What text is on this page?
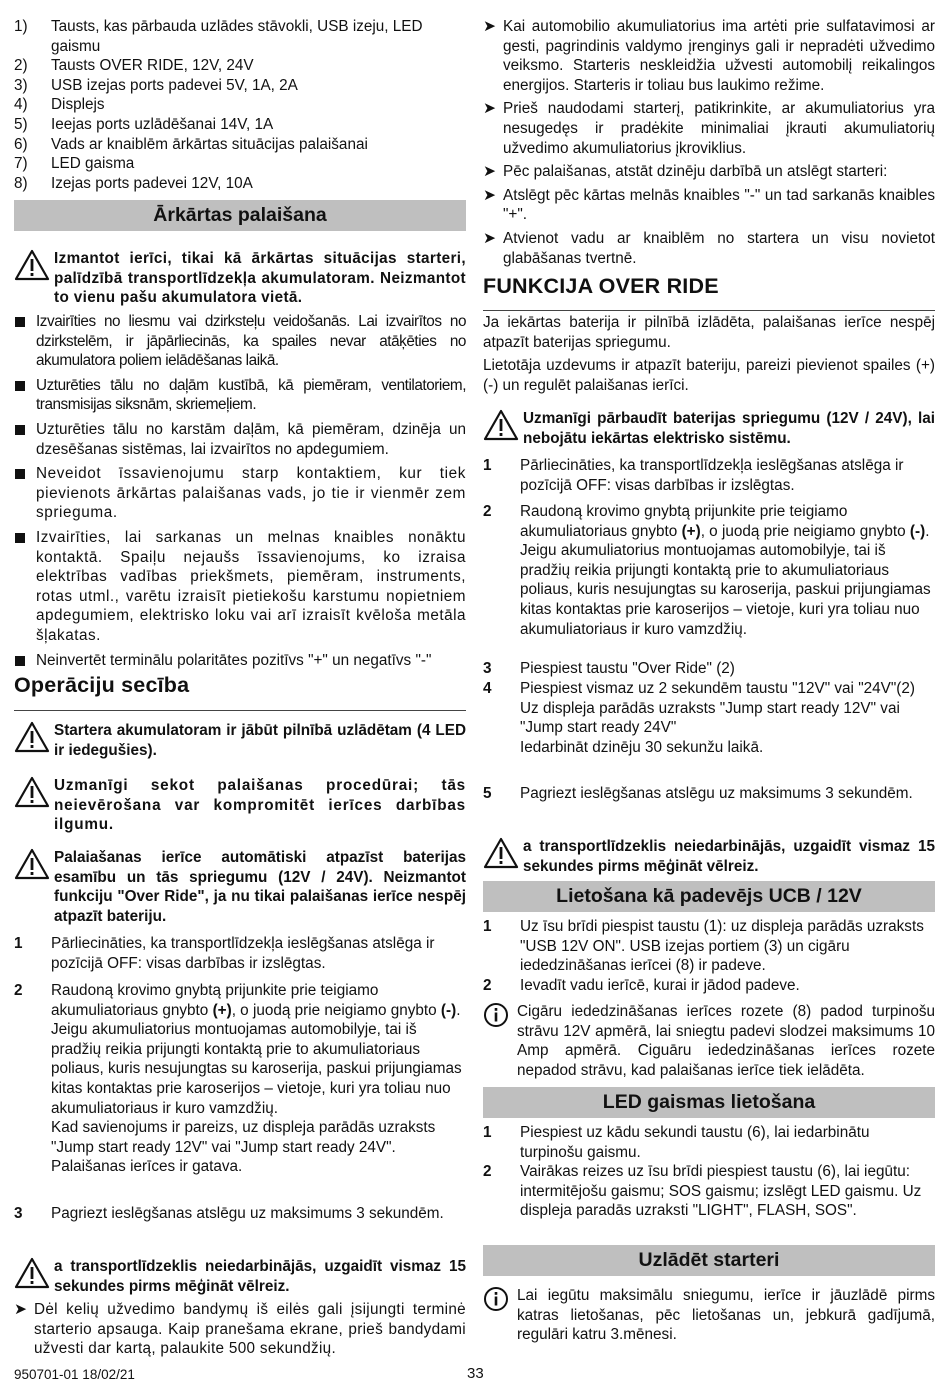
1)	Tausts, kas pārbauda uzlādes stāvokli, USB izeju, LED gaismu
2)	Tausts OVER RIDE, 12V, 24V
3)	USB izejas ports padevei 5V, 1A, 2A
4)	Displejs
5)	Ieejas ports uzlādēšanai 14V, 1A
6)	Vads ar knaiblēm ārkārtas situācijas palaišanai
7)	LED gaisma
8)	Izejas ports padevei 12V, 10A
Ārkārtas palaišana
Izmantot ierīci, tikai kā ārkārtas situācijas starteri, palīdzībā transportlīdzekļa akumulatoram. Neizmantot to vienu pašu akumulatora vietā.
Izvairīties no liesmu vai dzirksteļu veidošanās. Lai izvairītos no dzirkstelēm, ir jāpārliecinās, ka spailes nevar atāķēties no akumulatora poliem ielādēšanas laikā.
Uzturēties tālu no daļām kustībā, kā piemēram, ventilatoriem, transmisijas siksnām, skriemeļiem.
Uzturēties tālu no karstām daļām, kā piemēram, dzinēja un dzesēšanas sistēmas, lai izvairītos no apdegumiem.
Neveidot īssavienojumu starp kontaktiem, kur tiek pievienots ārkārtas palaišanas vads, jo tie ir vienmēr zem sprieguma.
Izvairīties, lai sarkanas un melnas knaibles nonāktu kontaktā. Spaiļu nejaušs īssavienojums, ko izraisa elektrības vadības priekšmets, piemēram, instruments, rotas utml., varētu izraisīt pietiekošu karstumu nopietniem apdegumiem, elektrisko loku vai arī izraisīt kvēloša metāla šļakatas.
Neinvertēt terminālu polaritātes pozitīvs "+" un negatīvs "-"
Operāciju secība
Startera akumulatoram ir jābūt pilnībā uzlādētam (4 LED ir iedegušies).
Uzmanīgi sekot palaišanas procedūrai; tās neievērošana var kompromitēt ierīces darbības ilgumu.
Palaiašanas ierīce automātiski atpazīst baterijas esamību un tās spriegumu (12V / 24V). Neizmantot funkciju "Over Ride", ja nu tikai palaišanas ierīce nespēj atpazīt bateriju.
1	Pārliecināties, ka transportlīdzekļa ieslēgšanas atslēga ir pozīcijā OFF: visas darbības ir izslēgtas.
2	Raudoną krovimo gnybtą prijunkite prie teigiamo akumuliatoriaus gnybto (+), o juodą prie neigiamo gnybto (-).
Jeigu akumuliatorius montuojamas automobilyje, tai iš pradžių reikia prijungti kontaktą prie to akumuliatoriaus poliaus, kuris nesujungtas su karoserija, paskui prijungiamas kitas kontaktas prie karoserijos – vietoje, kuri yra toliau nuo akumuliatoriaus ir kuro vamzdžių.
Kad savienojums ir pareizs, uz displeja parādās uzraksts "Jump start ready 12V" vai "Jump start ready 24V". Palaišanas ierīces ir gatava.
3	Pagriezt ieslēgšanas atslēgu uz maksimums 3 sekundēm.
a transportlīdzeklis neiedarbinājās, uzgaidīt vismaz 15 sekundes pirms mēģināt vēlreiz.
➤ Dėl kelių užvedimo bandymų iš eilės gali įsijungti terminė starterio apsauga. Kaip pranešama ekrane, prieš bandydami užvesti dar kartą, palaukite 500 sekundžių.
➤ Kai automobilio akumuliatorius ima artėti prie sulfatavimosi ar gesti, pagrindinis valdymo įrenginys gali ir nepradėti užvedimo veiksmo. Starteris neskleidžia užvesti automobilį reikalingos energijos. Starteris ir toliau bus laukimo režime.
➤ Prieš naudodami starterį, patikrinkite, ar akumuliatorius yra nesugedęs ir pradėkite minimaliai įkrauti akumuliatorių užvedimo akumuliatorius įkroviklius.
➤ Pēc palaišanas, atstāt dzinēju darbībā un atslēgt starteri:
➤ Atslēgt pēc kārtas melnās knaibles "-" un tad sarkanās knaibles "+".
➤ Atvienot vadu ar knaiblēm no startera un visu novietot glabāšanas tvertnē.
FUNKCIJA OVER RIDE
Ja iekārtas baterija ir pilnībā izlādēta, palaišanas ierīce nespēj atpazīt baterijas spriegumu.
Lietotāja uzdevums ir atpazīt bateriju, pareizi pievienot spailes (+) (-) un regulēt palaišanas ierīci.
Uzmanīgi pārbaudīt baterijas spriegumu (12V / 24V), lai nebojātu iekārtas elektrisko sistēmu.
1	Pārliecināties, ka transportlīdzekļa ieslēgšanas atslēga ir pozīcijā OFF: visas darbības ir izslēgtas.
2	Raudoną krovimo gnybtą prijunkite prie teigiamo akumuliatoriaus gnybto (+), o juodą prie neigiamo gnybto (-).
Jeigu akumuliatorius montuojamas automobilyje, tai iš pradžių reikia prijungti kontaktą prie to akumuliatoriaus poliaus, kuris nesujungtas su karoserija, paskui prijungiamas kitas kontaktas prie karoserijos – vietoje, kuri yra toliau nuo akumuliatoriaus ir kuro vamzdžių.
3	Piespiest taustu "Over Ride" (2)
4	Piespiest vismaz uz 2 sekundēm taustu "12V" vai "24V"(2)
Uz displeja parādās uzraksts "Jump start ready 12V" vai "Jump start ready 24V"
Iedarbināt dzinēju 30 sekunžu laikā.
5	Pagriezt ieslēgšanas atslēgu uz maksimums 3 sekundēm.
a transportlīdzeklis neiedarbinājās, uzgaidīt vismaz 15 sekundes pirms mēģināt vēlreiz.
Lietošana kā padevējs UCB / 12V
1	Uz īsu brīdi piespist taustu (1): uz displeja parādās uzraksts "USB 12V ON". USB izejas portiem (3) un cigāru iededzināšanas ierīcei (8) ir padeve.
2	Ievadīt vadu ierīcē, kurai ir jādod padeve.
Cigāru iededzināšanas ierīces rozete (8) padod turpinošu strāvu 12V apmērā, lai sniegtu padevi slodzei maksimums 10 Amp apmērā. Ciguāru iededzināšanas ierīces rozete nepadod strāvu, kad palaišanas ierīce tiek ielādēta.
LED gaismas lietošana
1	Piespiest uz kādu sekundi taustu (6), lai iedarbinātu turpinošu gaismu.
2	Vairākas reizes uz īsu brīdi piespiest taustu (6), lai iegūtu: intermitējošu gaismu; SOS gaismu; izslēgt LED gaismu. Uz displeja paradās uzraksti "LIGHT", FLASH, SOS".
Uzlādēt starteri
Lai iegūtu maksimālu sniegumu, ierīce ir jāuzlādē pirms katras lietošanas, pēc lietošanas un, jebkurā gadījumā, regulāri katru 3.mēnesi.
950701-01 18/02/21	33
